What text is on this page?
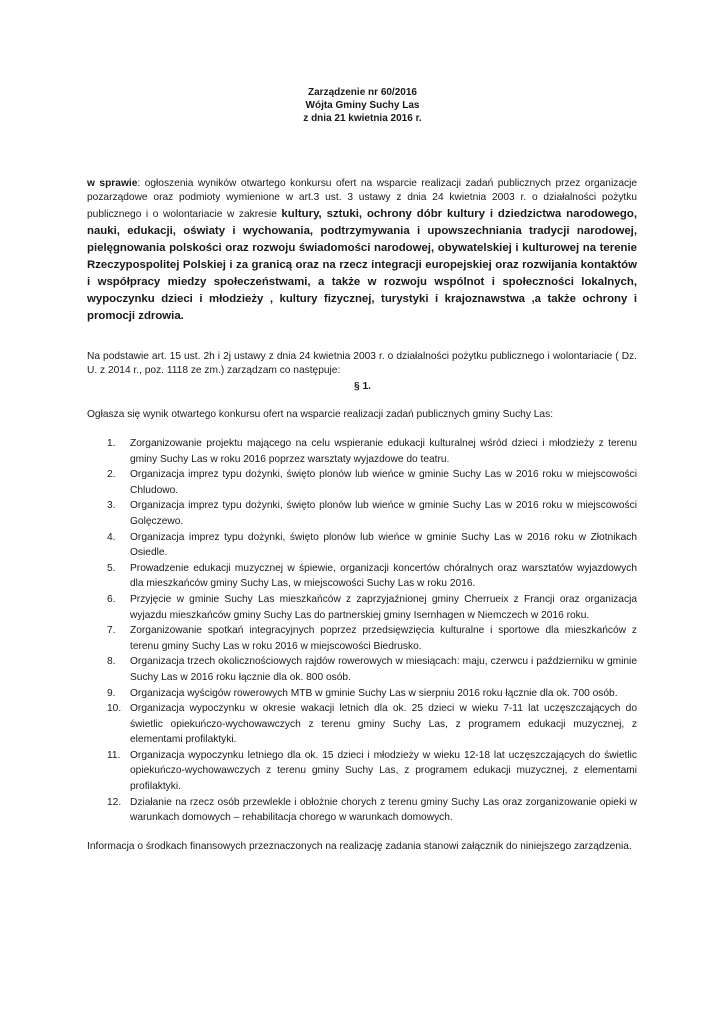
Zarządzenie nr 60/2016
Wójta Gminy Suchy Las
z dnia 21 kwietnia 2016 r.

w sprawie: ogłoszenia wyników otwartego konkursu ofert na wsparcie realizacji zadań publicznych przez organizacje pozarządowe oraz podmioty wymienione w art.3 ust. 3 ustawy z dnia 24 kwietnia 2003 r. o działalności pożytku publicznego i o wolontariacie w zakresie kultury, sztuki, ochrony dóbr kultury i dziedzictwa narodowego, nauki, edukacji, oświaty i wychowania, podtrzymywania i upowszechniania tradycji narodowej, pielęgnowania polskości oraz rozwoju świadomości narodowej, obywatelskiej i kulturowej na terenie Rzeczypospolitej Polskiej i za granicą oraz na rzecz integracji europejskiej oraz rozwijania kontaktów i współpracy miedzy społeczeństwami, a także w rozwoju wspólnot i społeczności lokalnych, wypoczynku dzieci i młodzieży , kultury fizycznej, turystyki i krajoznawstwa ,a także ochrony i promocji zdrowia.

Na podstawie art. 15 ust. 2h i 2j ustawy z dnia 24 kwietnia 2003 r. o działalności pożytku publicznego i wolontariacie ( Dz. U. z 2014 r., poz. 1118 ze zm.) zarządzam co następuje:

§ 1.

Ogłasza się wynik otwartego konkursu ofert na wsparcie realizacji zadań publicznych gminy Suchy Las:

1.	Zorganizowanie projektu mającego na celu wspieranie edukacji kulturalnej wśród dzieci i młodzieży z terenu gminy Suchy Las w roku 2016 poprzez warsztaty wyjazdowe do teatru.
2.	Organizacja imprez typu dożynki, święto plonów lub wieńce w gminie Suchy Las w 2016 roku w miejscowości Chludowo.
3.	Organizacja imprez typu dożynki, święto plonów lub wieńce w gminie Suchy Las w 2016 roku w miejscowości Golęczewo.
4.	Organizacja imprez typu dożynki, święto plonów lub wieńce w gminie Suchy Las w 2016 roku w Złotnikach Osiedle.
5.	Prowadzenie edukacji muzycznej w śpiewie, organizacji koncertów chóralnych oraz warsztatów wyjazdowych dla mieszkańców gminy Suchy Las, w miejscowości Suchy Las w roku 2016.
6.	Przyjęcie w gminie Suchy Las mieszkańców z zaprzyjaźnionej gminy Cherrueix z Francji oraz organizacja wyjazdu mieszkańców gminy Suchy Las do partnerskiej gminy Isernhagen w Niemczech w 2016 roku.
7.	Zorganizowanie spotkań integracyjnych poprzez przedsięwzięcia kulturalne i sportowe dla mieszkańców z terenu gminy Suchy Las w roku 2016 w miejscowości Biedrusko.
8.	Organizacja trzech okolicznościowych rajdów rowerowych w miesiącach: maju, czerwcu i październiku w gminie Suchy Las w 2016 roku łącznie dla ok. 800 osób.
9.	Organizacja wyścigów rowerowych MTB w gminie Suchy Las w sierpniu 2016 roku łącznie dla ok. 700 osób.
10. Organizacja wypoczynku w okresie wakacji letnich dla ok. 25 dzieci w wieku 7-11 lat uczęszczających do świetlic opiekuńczo-wychowawczych z terenu gminy Suchy Las, z programem edukacji muzycznej, z elementami profilaktyki.
11. Organizacja wypoczynku letniego dla ok. 15 dzieci i młodzieży w wieku 12-18 lat uczęszczających do świetlic opiekuńczo-wychowawczych z terenu gminy Suchy Las, z programem edukacji muzycznej, z elementami profilaktyki.
12. Działanie na rzecz osób przewlekle i obłożnie chorych z terenu gminy Suchy Las oraz zorganizowanie opieki w warunkach domowych – rehabilitacja chorego w warunkach domowych.

Informacja o środkach finansowych przeznaczonych na realizację zadania stanowi załącznik do niniejszego zarządzenia.
